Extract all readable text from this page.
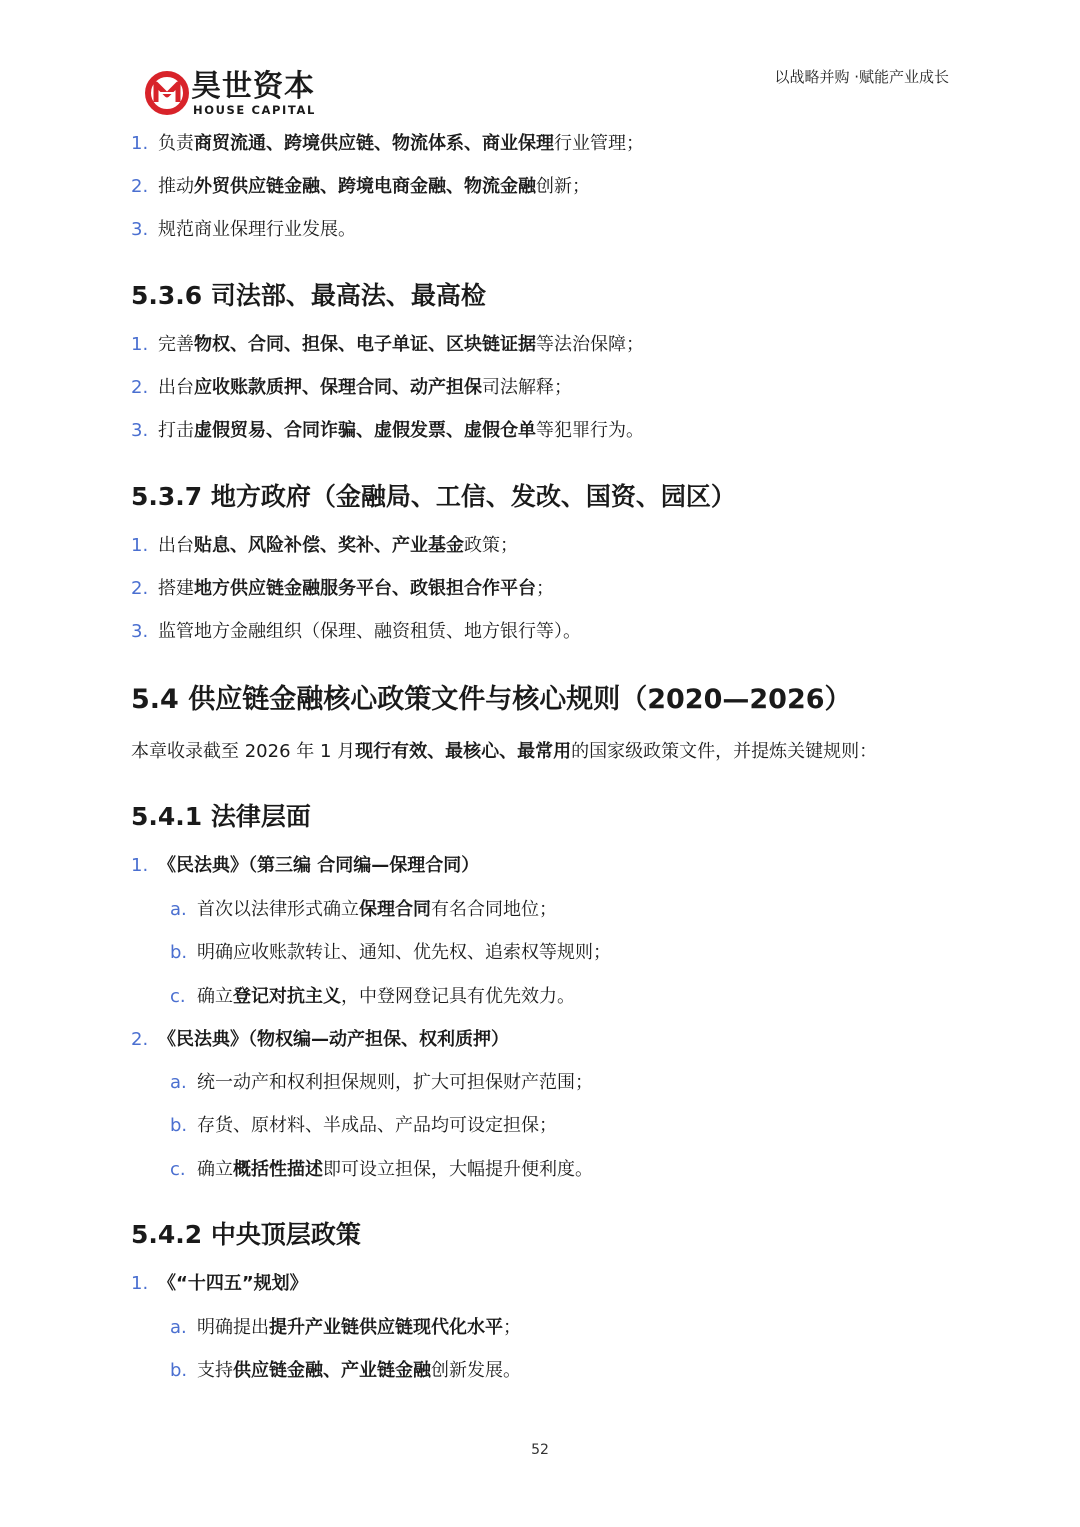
昊世资本
HOUSE CAPITAL
以战略并购 ·赋能产业成长
1. 负责商贸流通、跨境供应链、物流体系、商业保理行业管理；
2. 推动外贸供应链金融、跨境电商金融、物流金融创新；
3. 规范商业保理行业发展。
5.3.6 司法部、最高法、最高检
1. 完善物权、合同、担保、电子单证、区块链证据等法治保障；
2. 出台应收账款质押、保理合同、动产担保司法解释；
3. 打击虚假贸易、合同诈骗、虚假发票、虚假仓单等犯罪行为。
5.3.7 地方政府（金融局、工信、发改、国资、园区）
1. 出台贴息、风险补偿、奖补、产业基金政策；
2. 搭建地方供应链金融服务平台、政银担合作平台；
3. 监管地方金融组织（保理、融资租赁、地方银行等）。
5.4 供应链金融核心政策文件与核心规则（2020—2026）
本章收录截至 2026 年 1 月现行有效、最核心、最常用的国家级政策文件，并提炼关键规则：
5.4.1 法律层面
1. 《民法典》（第三编 合同编—保理合同）
a. 首次以法律形式确立保理合同有名合同地位；
b. 明确应收账款转让、通知、优先权、追索权等规则；
c. 确立登记对抗主义，中登网登记具有优先效力。
2. 《民法典》（物权编—动产担保、权利质押）
a. 统一动产和权利担保规则，扩大可担保财产范围；
b. 存货、原材料、半成品、产品均可设定担保；
c. 确立概括性描述即可设立担保，大幅提升便利度。
5.4.2 中央顶层政策
1. 《“十四五”规划》
a. 明确提出提升产业链供应链现代化水平；
b. 支持供应链金融、产业链金融创新发展。
52
